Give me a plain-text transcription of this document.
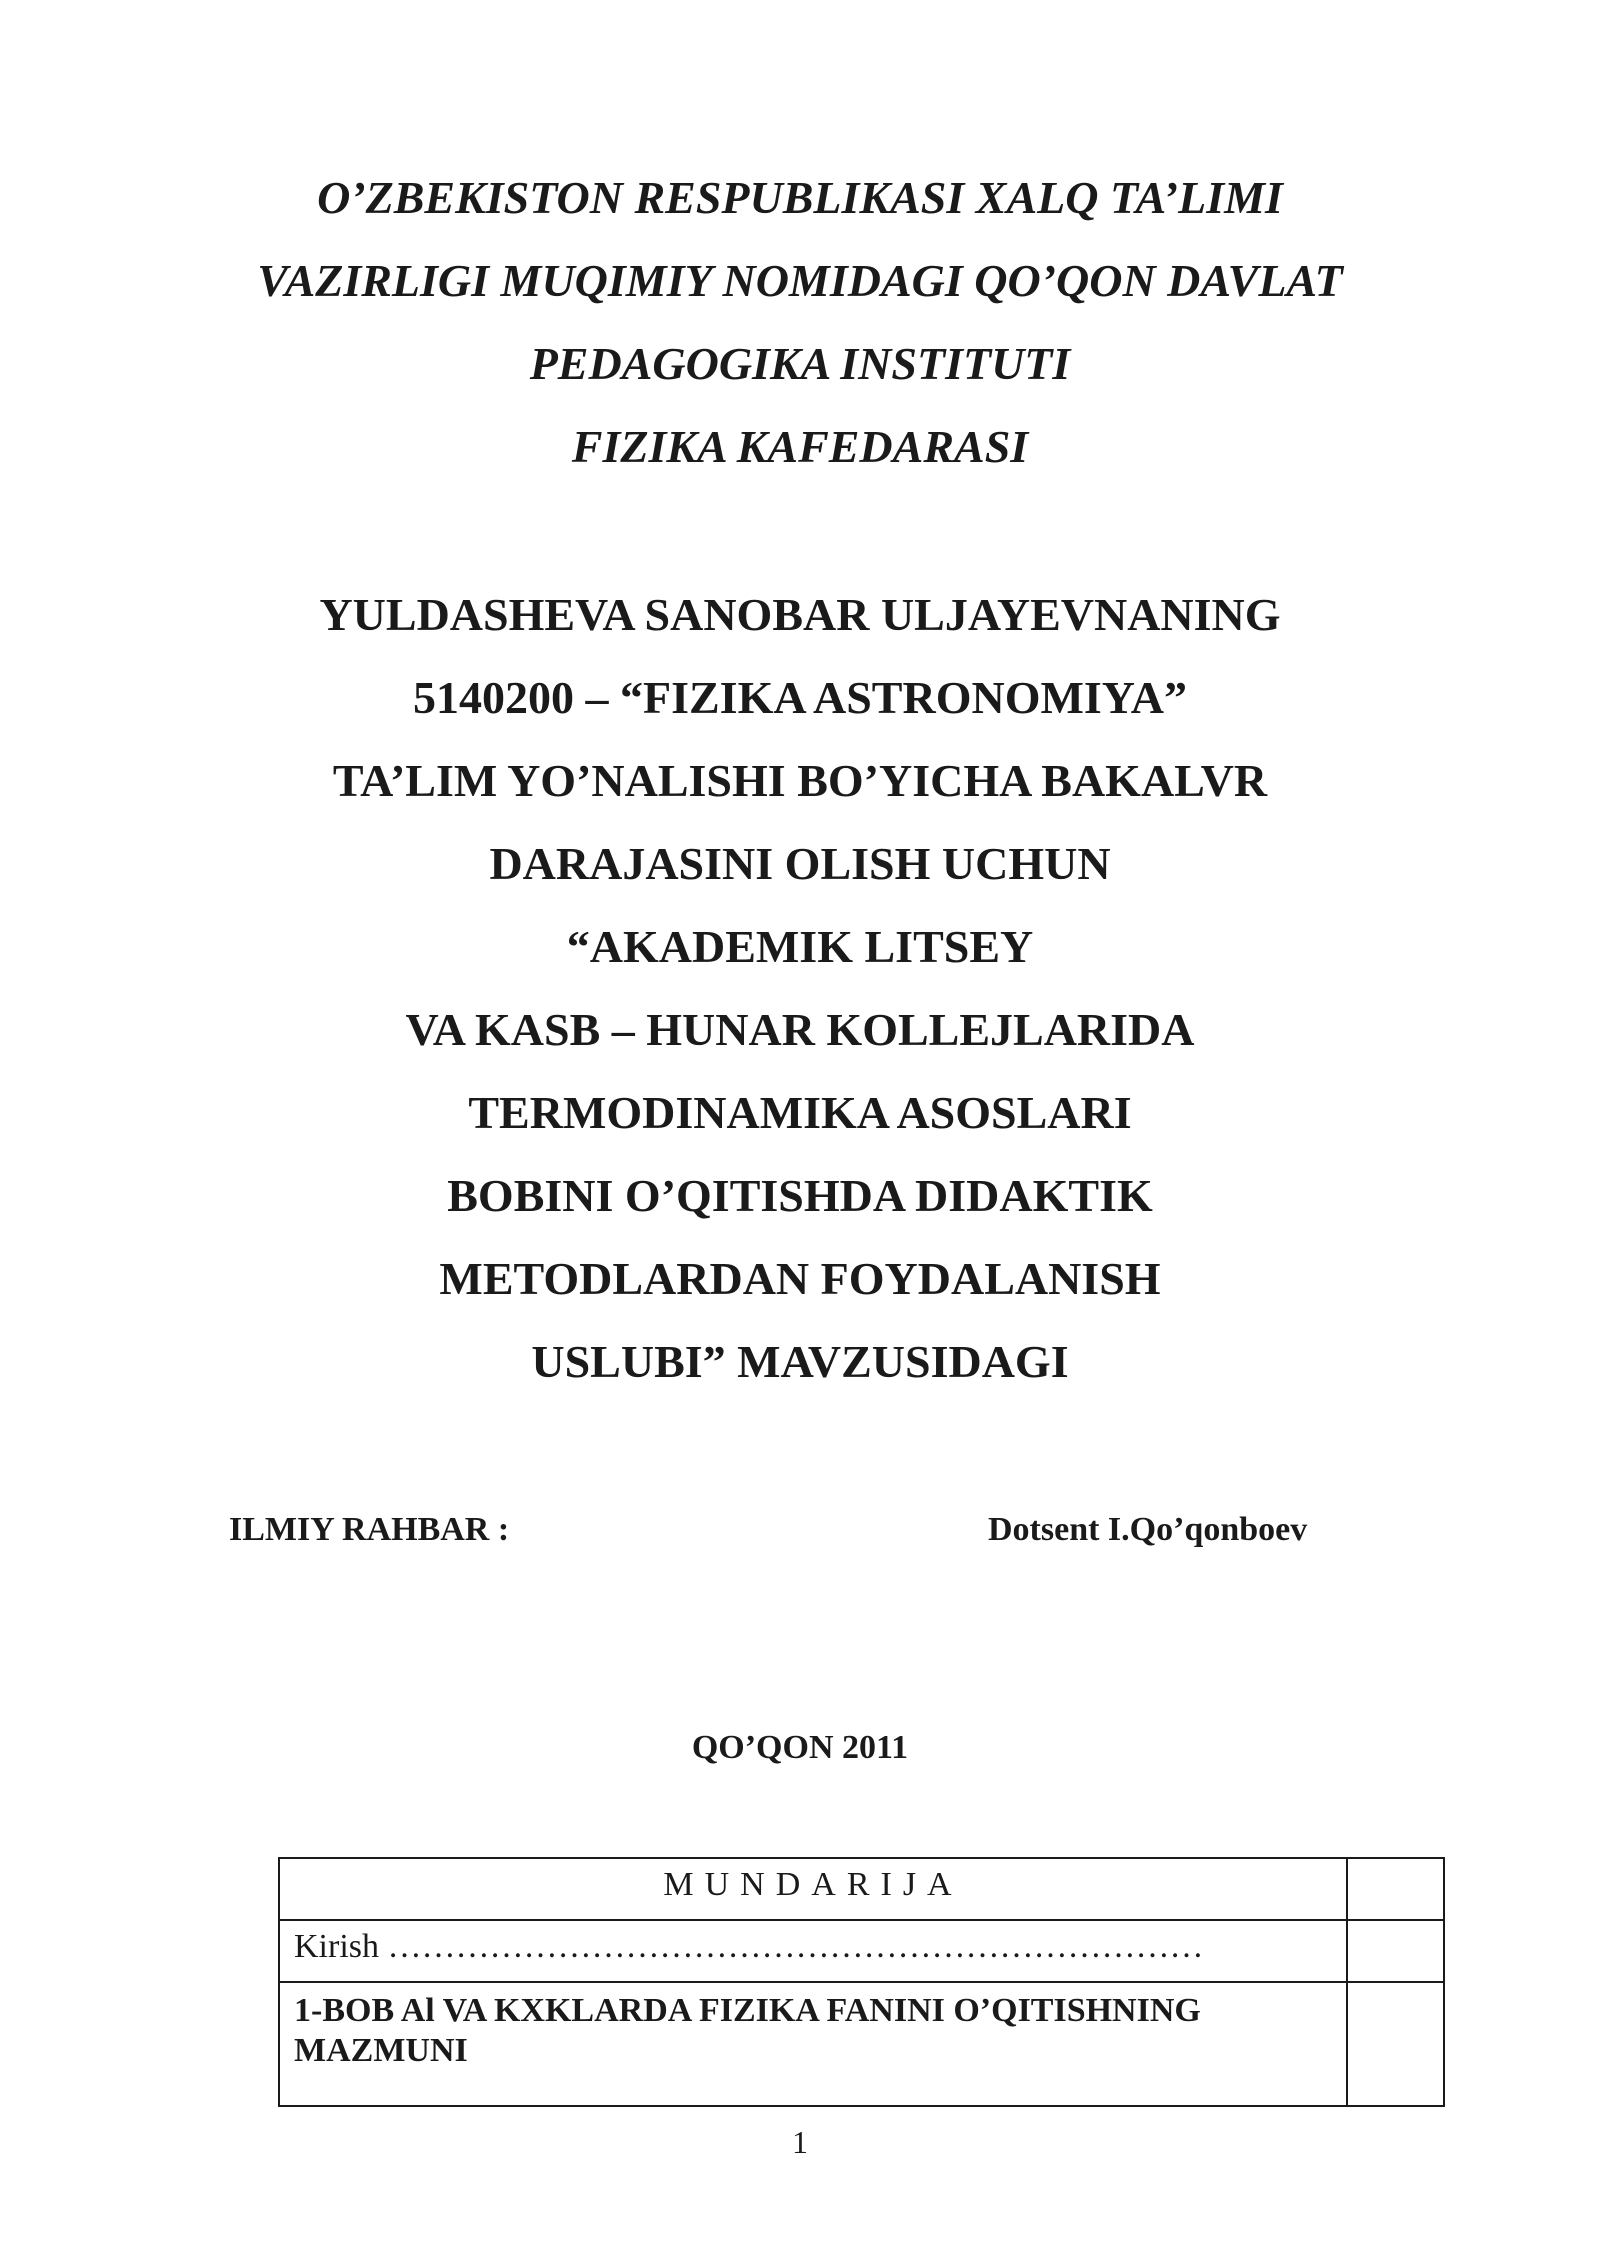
O’ZBEKISTON RESPUBLIKASI XALQ TA’LIMI

VAZIRLIGI MUQIMIY NOMIDAGI QO’QON DAVLAT

PEDAGOGIKA INSTITUTI

FIZIKA KAFEDARASI

YULDASHEVA SANOBAR ULJAYEVNANING

5140200 – “FIZIKA ASTRONOMIYA”

TA’LIM YO’NALISHI BO’YICHA BAKALVR

DARAJASINI OLISH UCHUN

“AKADEMIK LITSEY

VA KASB – HUNAR KOLLEJLARIDA

TERMODINAMIKA ASOSLARI

BOBINI O’QITISHDA DIDAKTIK

METODLARDAN FOYDALANISH

USLUBI” MAVZUSIDAGI

ILMIY RAHBAR :	Dotsent I.Qo’qonboev

QO’QON 2011

MUNDARIJA	
Kirish ………………………………………………………………	
1-BOB Al VA KXKLARDA FIZIKA FANINI O’QITISHNING MAZMUNI	

1
